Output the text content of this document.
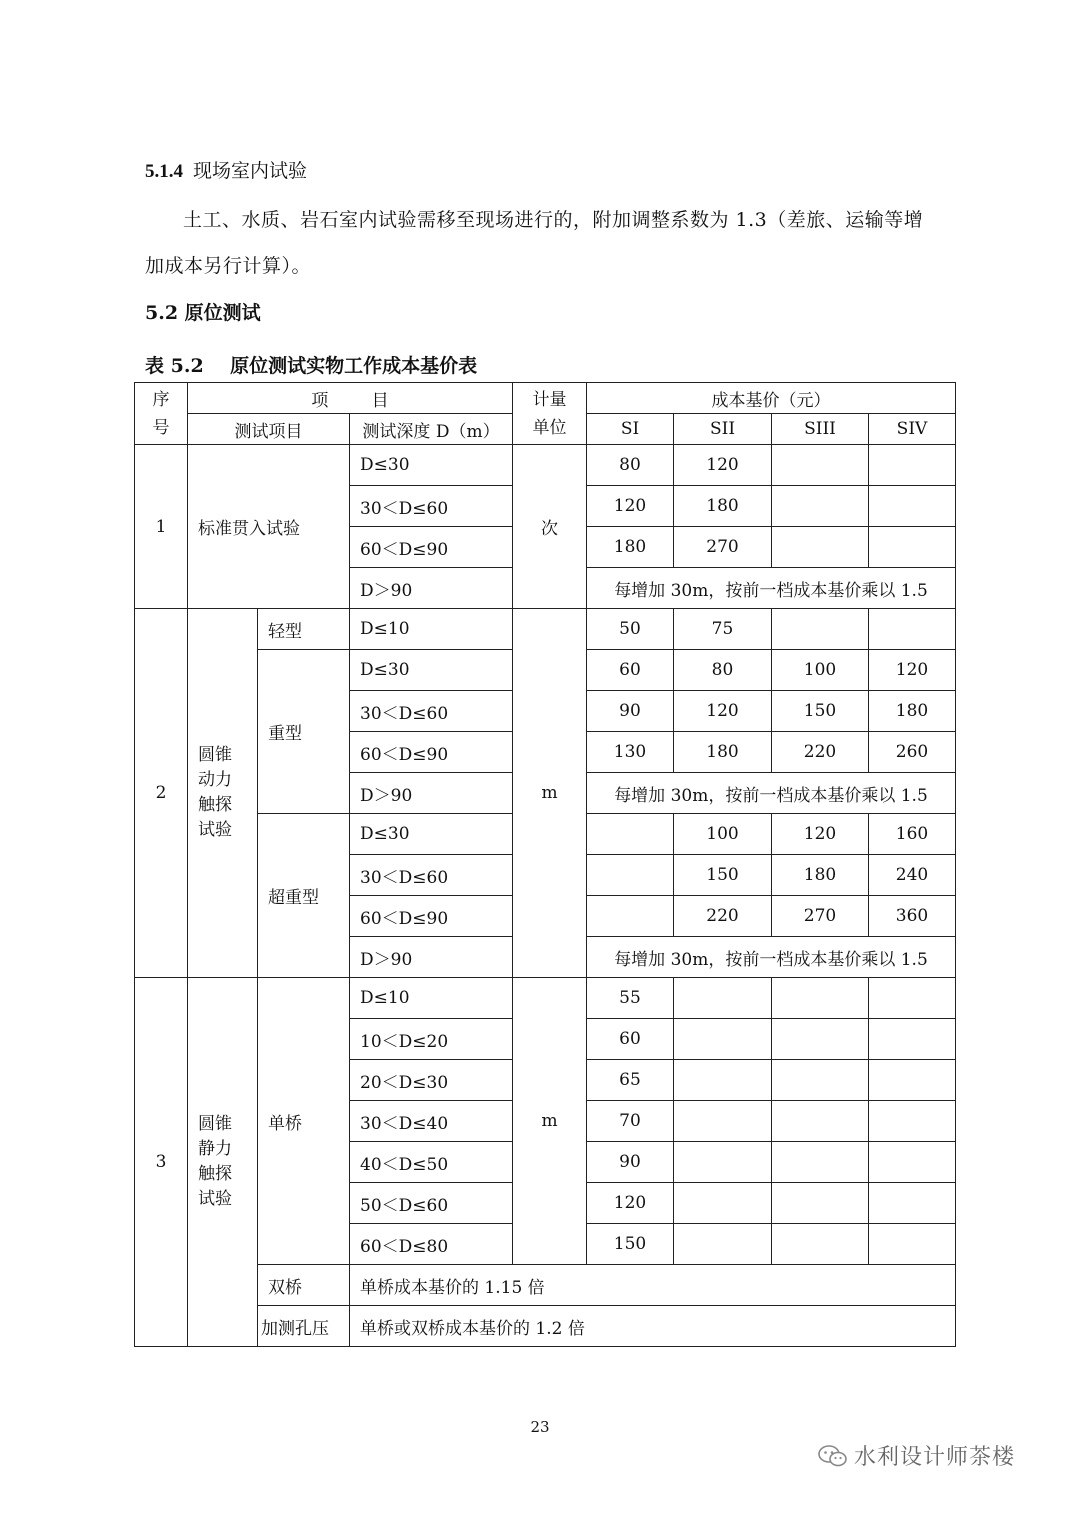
5.1.4 现场室内试验
土工、水质、岩石室内试验需移至现场进行的，附加调整系数为 1.3（差旅、运输等增加成本另行计算）。
5.2 原位测试
表 5.2    原位测试实物工作成本基价表
序号	项        目			计量单位	成本基价（元）			
	测试项目		测试深度 D（m）		SI	SII	SIII	SIV
1	标准贯入试验		D≤30	次	80	120		
			30＜D≤60		120	180		
			60＜D≤90		180	270		
			D＞90		每增加 30m，按前一档成本基价乘以 1.5			
2	圆锥动力触探试验	轻型	D≤10	m	50	75		
		重型	D≤30		60	80	100	120
			30＜D≤60		90	120	150	180
			60＜D≤90		130	180	220	260
			D＞90		每增加 30m，按前一档成本基价乘以 1.5			
		超重型	D≤30			100	120	160
			30＜D≤60			150	180	240
			60＜D≤90			220	270	360
			D＞90		每增加 30m，按前一档成本基价乘以 1.5			
3	圆锥静力触探试验	单桥	D≤10	m	55			
			10＜D≤20		60			
			20＜D≤30		65			
			30＜D≤40		70			
			40＜D≤50		90			
			50＜D≤60		120			
			60＜D≤80		150			
		双桥	单桥成本基价的 1.15 倍					
		加测孔压	单桥或双桥成本基价的 1.2 倍					
23
水利设计师茶楼
